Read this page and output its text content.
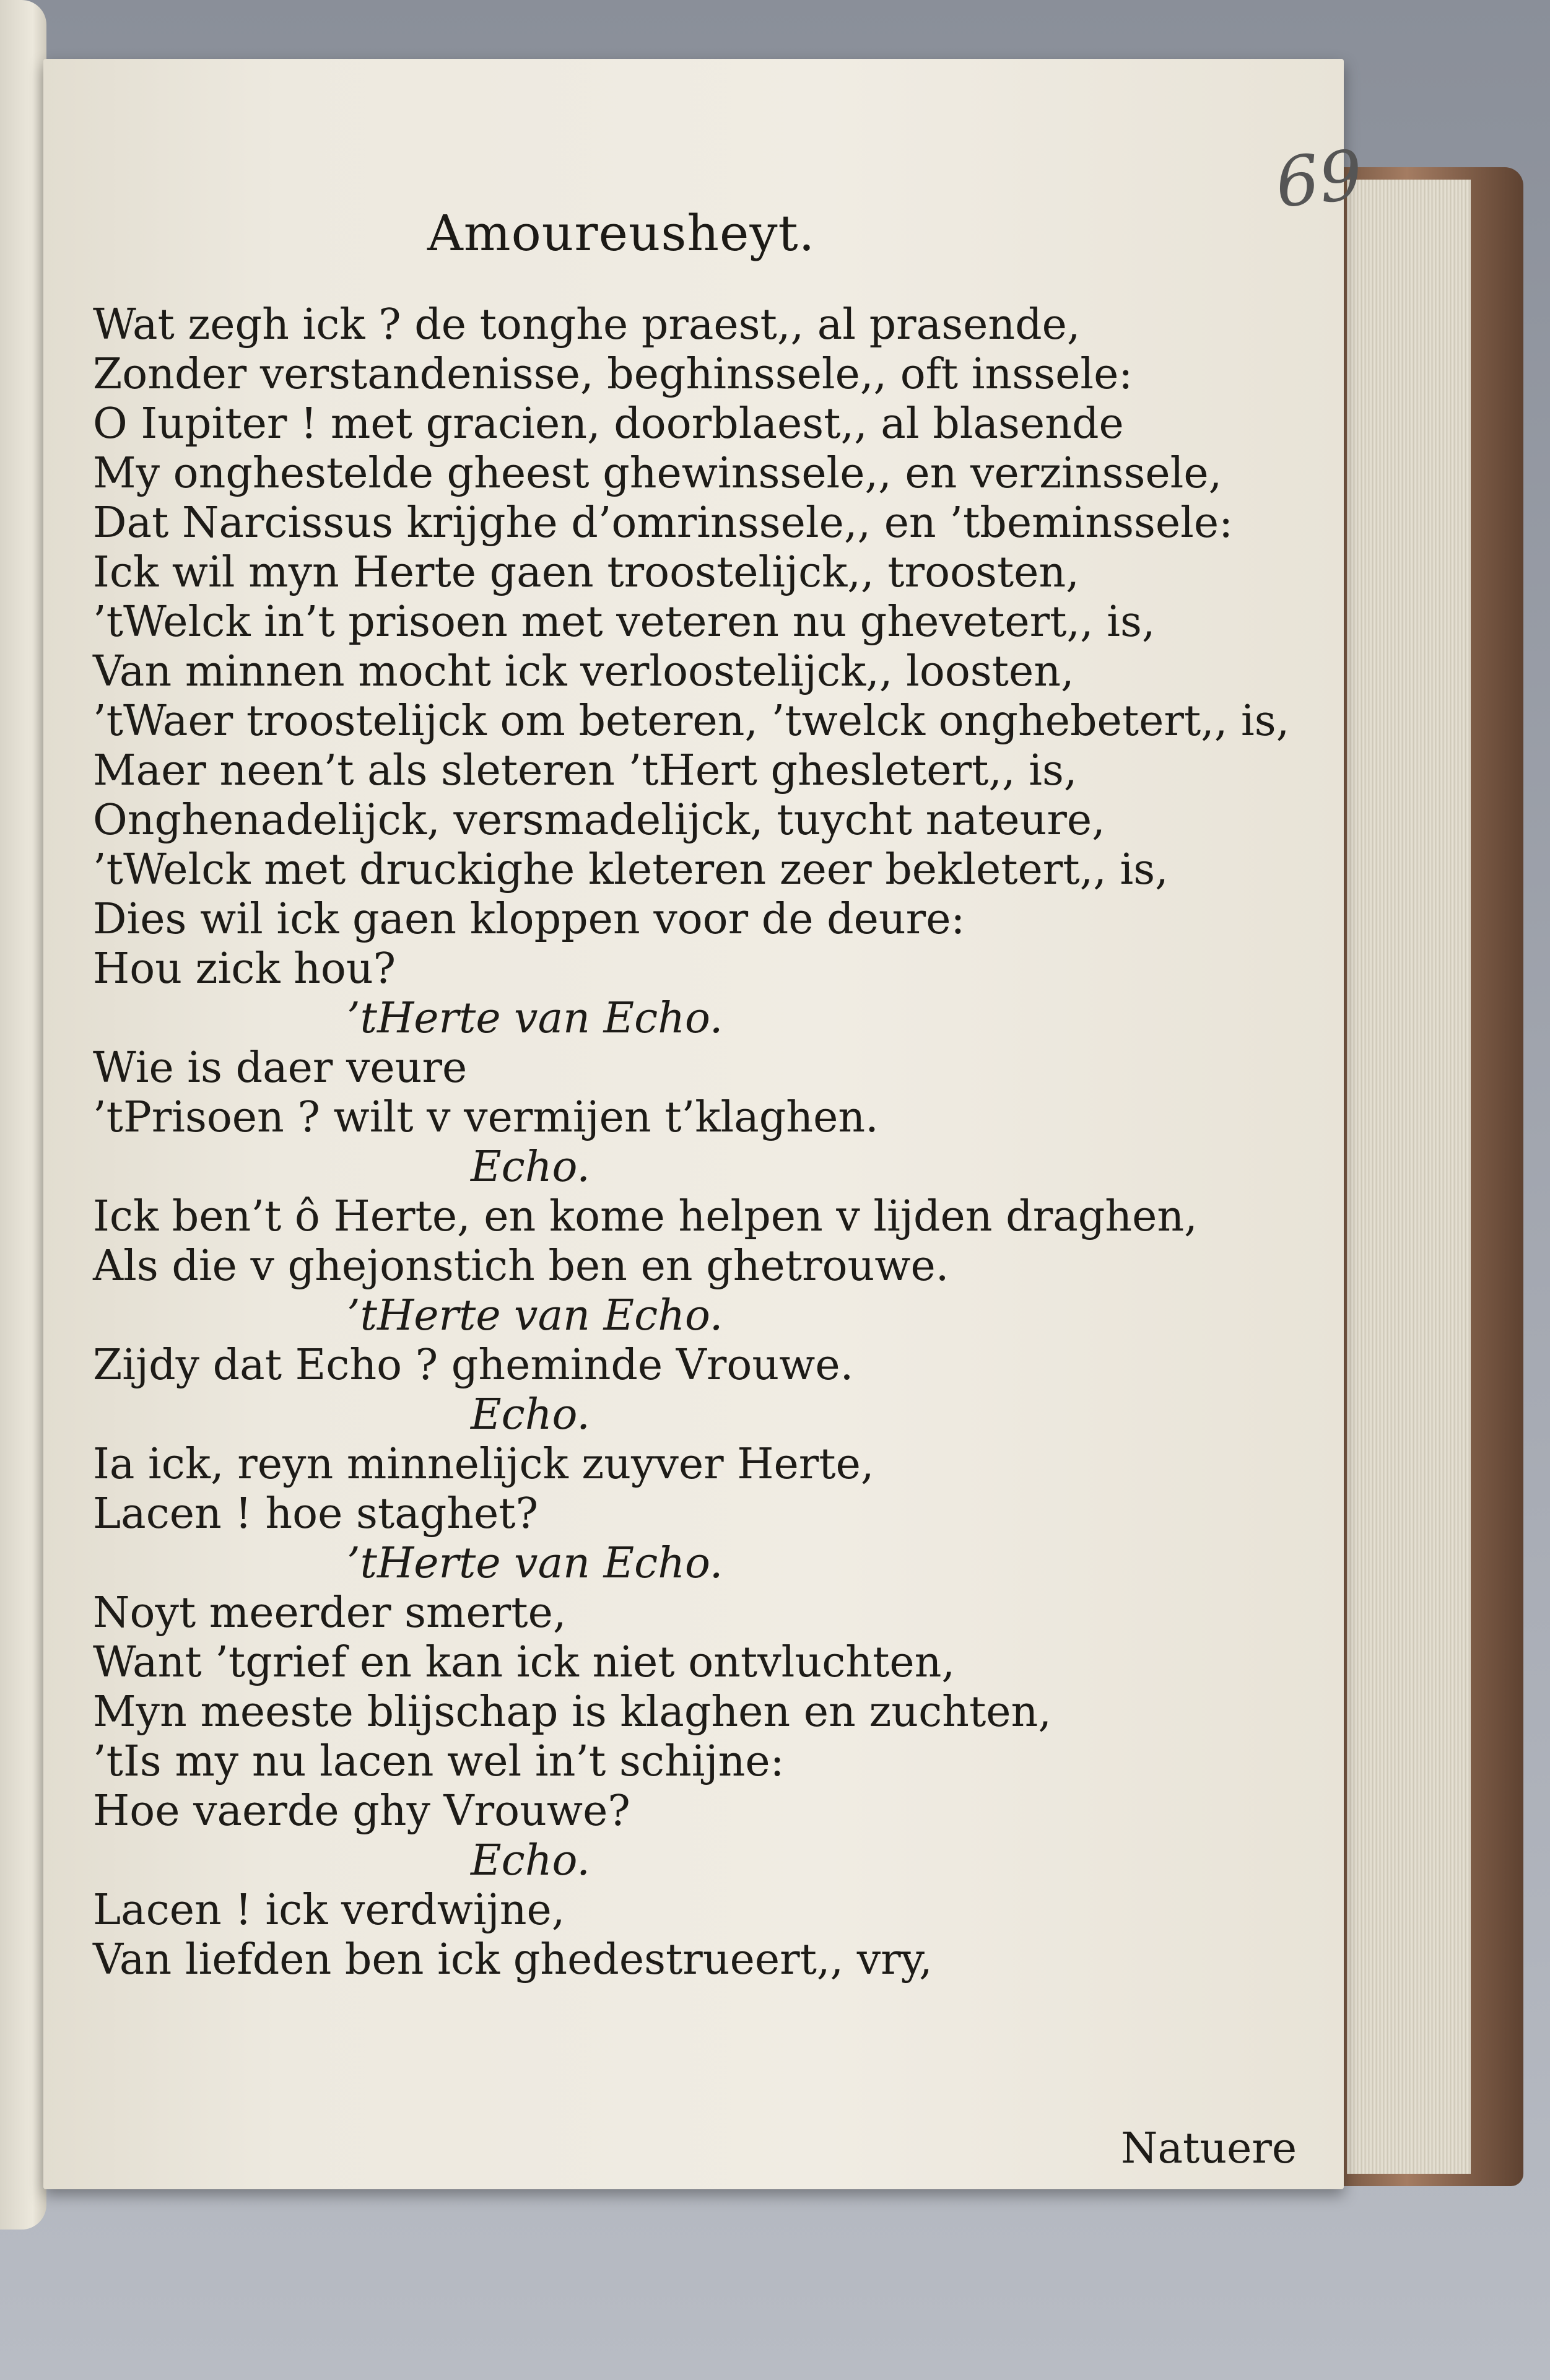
69
Amoureusheyt.
Wat zegh ick ? de tonghe praest,, al prasende,
Zonder verstandenisse, beghinssele,, oft inssele:
O Iupiter ! met gracien, doorblaest,, al blasende
My onghestelde gheest ghewinssele,, en verzinssele,
Dat Narcissus krijghe d’omrinssele,, en ’tbeminssele:
Ick wil myn Herte gaen troostelijck,, troosten,
’tWelck in’t prisoen met veteren nu ghevetert,, is,
Van minnen mocht ick verloostelijck,, loosten,
’tWaer troostelijck om beteren, ’twelck onghebetert,, is,
Maer neen’t als sleteren ’tHert ghesletert,, is,
Onghenadelijck, versmadelijck, tuycht nateure,
’tWelck met druckighe kleteren zeer bekletert,, is,
Dies wil ick gaen kloppen voor de deure:
Hou zick hou?
’tHerte van Echo.
Wie is daer veure
’tPrisoen ? wilt v vermijen t’klaghen.
Echo.
Ick ben’t ô Herte, en kome helpen v lijden draghen,
Als die v ghejonstich ben en ghetrouwe.
’tHerte van Echo.
Zijdy dat Echo ? gheminde Vrouwe.
Echo.
Ia ick, reyn minnelijck zuyver Herte,
Lacen ! hoe staghet?
’tHerte van Echo.
Noyt meerder smerte,
Want ’tgrief en kan ick niet ontvluchten,
Myn meeste blijschap is klaghen en zuchten,
’tIs my nu lacen wel in’t schijne:
Hoe vaerde ghy Vrouwe?
Echo.
Lacen ! ick verdwijne,
Van liefden ben ick ghedestrueert,, vry,
Natuere
